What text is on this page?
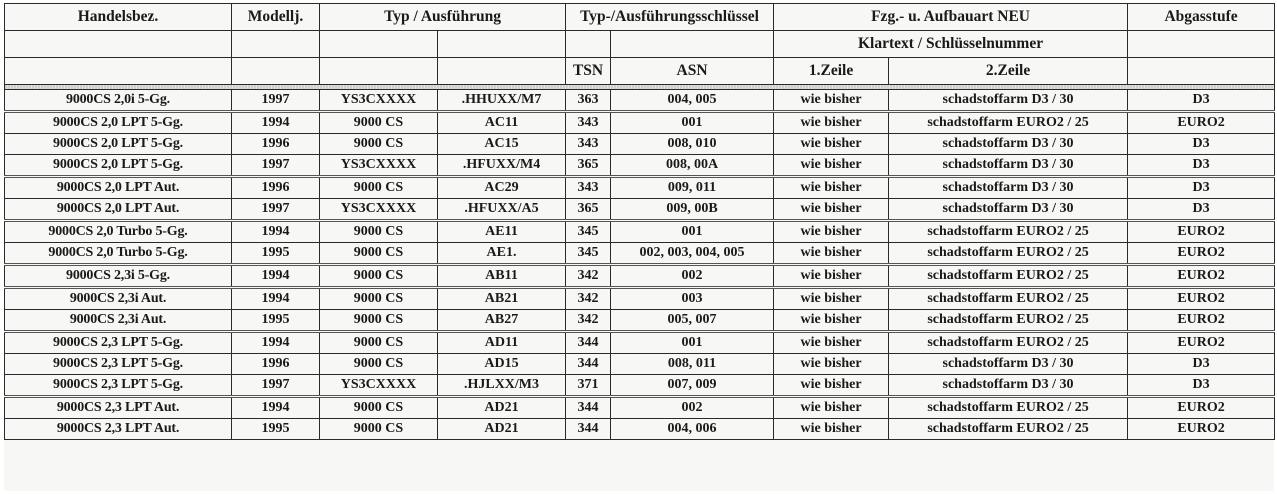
Handelsbez.	Modellj.	Typ / Ausführung		Typ-/Ausführungsschlüssel		Fzg.- u. Aufbauart NEU		Abgasstufe
						Klartext / Schlüsselnummer		
				TSN	ASN	1.Zeile	2.Zeile	

9000CS 2,0i 5-Gg.	1997	YS3CXXXX	.HHUXX/M7	363	004, 005	wie bisher	schadstoffarm D3 / 30	D3
9000CS 2,0 LPT 5-Gg.	1994	9000 CS	AC11	343	001	wie bisher	schadstoffarm EURO2 / 25	EURO2
9000CS 2,0 LPT 5-Gg.	1996	9000 CS	AC15	343	008, 010	wie bisher	schadstoffarm D3 / 30	D3
9000CS 2,0 LPT 5-Gg.	1997	YS3CXXXX	.HFUXX/M4	365	008, 00A	wie bisher	schadstoffarm D3 / 30	D3
9000CS 2,0 LPT Aut.	1996	9000 CS	AC29	343	009, 011	wie bisher	schadstoffarm D3 / 30	D3
9000CS 2,0 LPT Aut.	1997	YS3CXXXX	.HFUXX/A5	365	009, 00B	wie bisher	schadstoffarm D3 / 30	D3
9000CS 2,0 Turbo 5-Gg.	1994	9000 CS	AE11	345	001	wie bisher	schadstoffarm EURO2 / 25	EURO2
9000CS 2,0 Turbo 5-Gg.	1995	9000 CS	AE1.	345	002, 003, 004, 005	wie bisher	schadstoffarm EURO2 / 25	EURO2
9000CS 2,3i 5-Gg.	1994	9000 CS	AB11	342	002	wie bisher	schadstoffarm EURO2 / 25	EURO2
9000CS 2,3i Aut.	1994	9000 CS	AB21	342	003	wie bisher	schadstoffarm EURO2 / 25	EURO2
9000CS 2,3i Aut.	1995	9000 CS	AB27	342	005, 007	wie bisher	schadstoffarm EURO2 / 25	EURO2
9000CS 2,3 LPT 5-Gg.	1994	9000 CS	AD11	344	001	wie bisher	schadstoffarm EURO2 / 25	EURO2
9000CS 2,3 LPT 5-Gg.	1996	9000 CS	AD15	344	008, 011	wie bisher	schadstoffarm D3 / 30	D3
9000CS 2,3 LPT 5-Gg.	1997	YS3CXXXX	.HJLXX/M3	371	007, 009	wie bisher	schadstoffarm D3 / 30	D3
9000CS 2,3 LPT Aut.	1994	9000 CS	AD21	344	002	wie bisher	schadstoffarm EURO2 / 25	EURO2
9000CS 2,3 LPT Aut.	1995	9000 CS	AD21	344	004, 006	wie bisher	schadstoffarm EURO2 / 25	EURO2
